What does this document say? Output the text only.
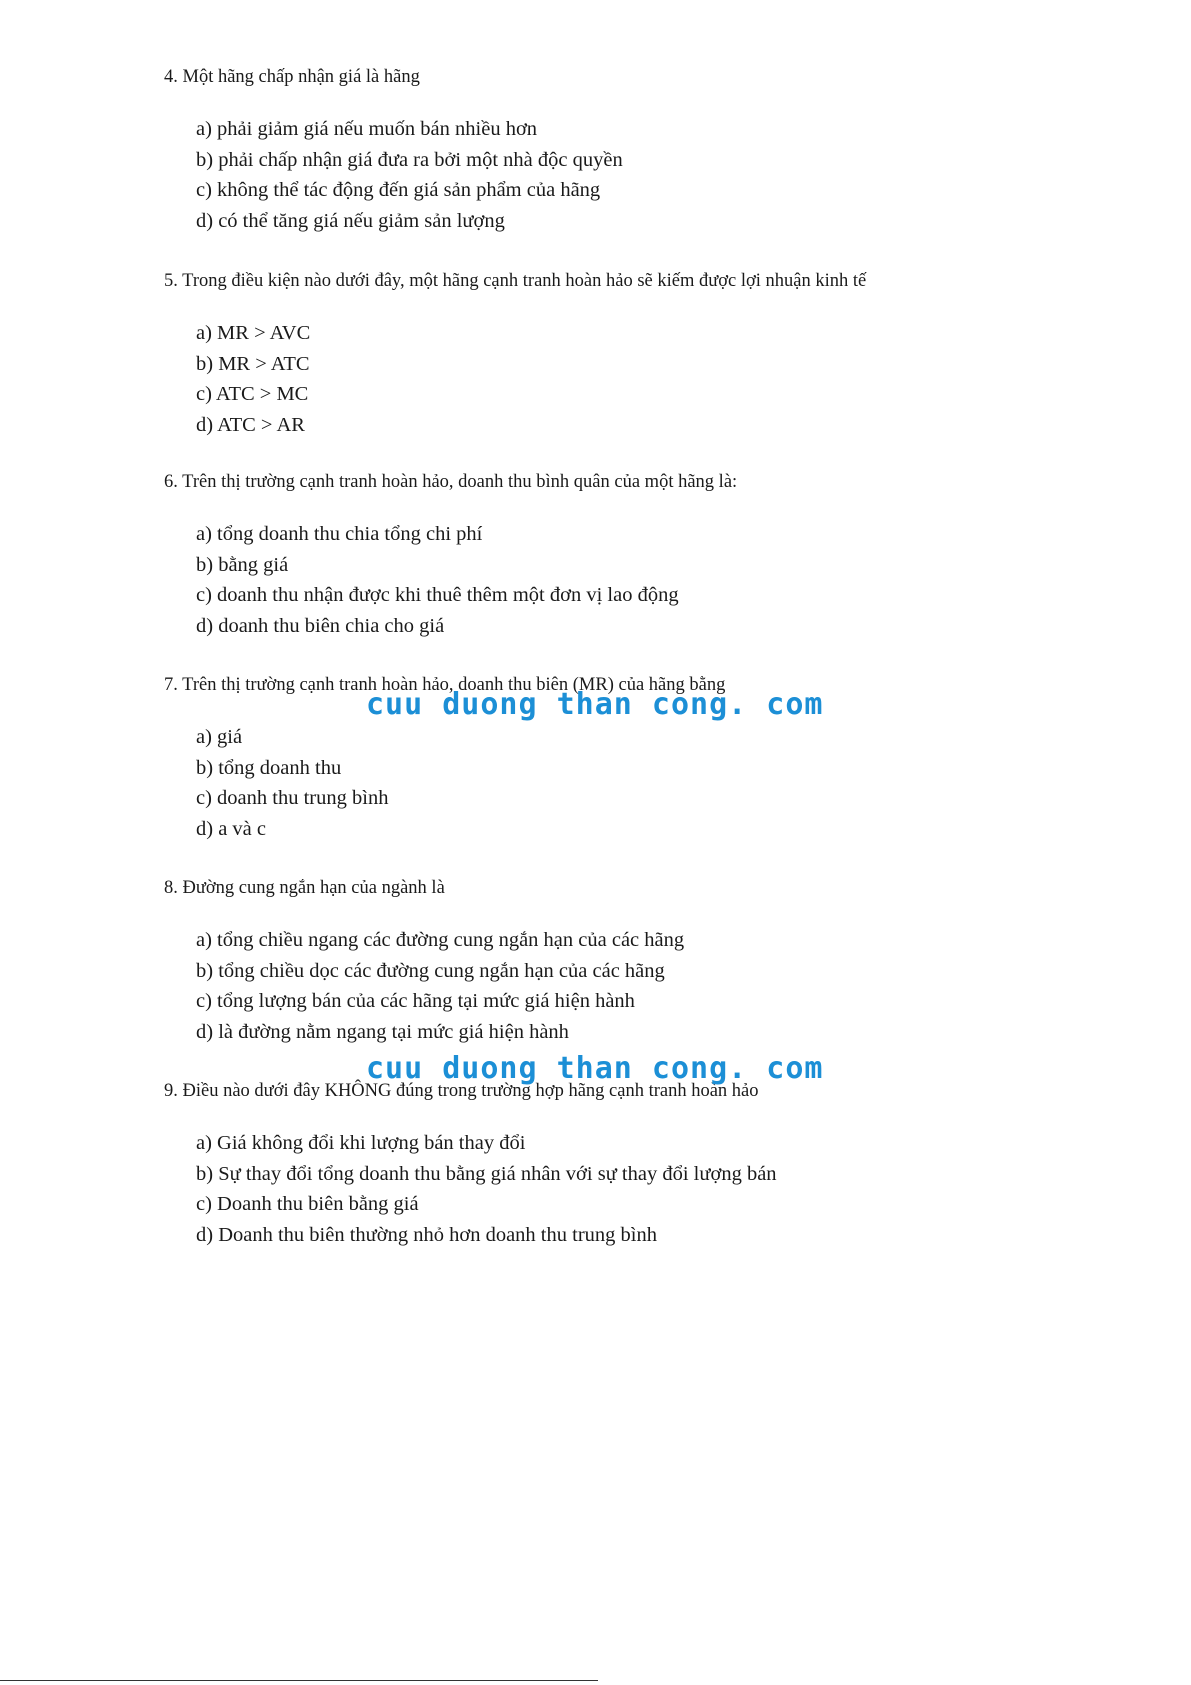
4. Một hãng chấp nhận giá là hãng
a) phải giảm giá nếu muốn bán nhiều hơn
b) phải chấp nhận giá đưa ra bởi một nhà độc quyền
c) không thể tác động đến giá sản phẩm của hãng
d) có thể tăng giá nếu giảm sản lượng
5. Trong điều kiện nào dưới đây, một hãng cạnh tranh hoàn hảo sẽ kiếm được lợi nhuận kinh tế
a) MR > AVC
b) MR > ATC
c) ATC > MC
d) ATC > AR
6. Trên thị trường cạnh tranh hoàn hảo, doanh thu bình quân của một hãng là:
a) tổng doanh thu chia tổng chi phí
b) bằng giá
c) doanh thu nhận được khi thuê thêm một đơn vị lao động
d) doanh thu biên chia cho giá
7. Trên thị trường cạnh tranh hoàn hảo, doanh thu biên (MR) của hãng bằng
a) giá
b) tổng doanh thu
c) doanh thu trung bình
d) a và c
8. Đường cung ngắn hạn của ngành là
a) tổng chiều ngang các đường cung ngắn hạn của các hãng
b) tổng chiều dọc các đường cung ngắn hạn của các hãng
c) tổng lượng bán của các hãng tại mức giá hiện hành
d) là đường nằm ngang tại mức giá hiện hành
9. Điều nào dưới đây KHÔNG đúng trong trường hợp hãng cạnh tranh hoàn hảo
a) Giá không đổi khi lượng bán thay đổi
b) Sự thay đổi tổng doanh thu bằng giá nhân với sự thay đổi lượng bán
c) Doanh thu biên bằng giá
d) Doanh thu biên thường nhỏ hơn doanh thu trung bình
cuu duong than cong. com
cuu duong than cong. com
